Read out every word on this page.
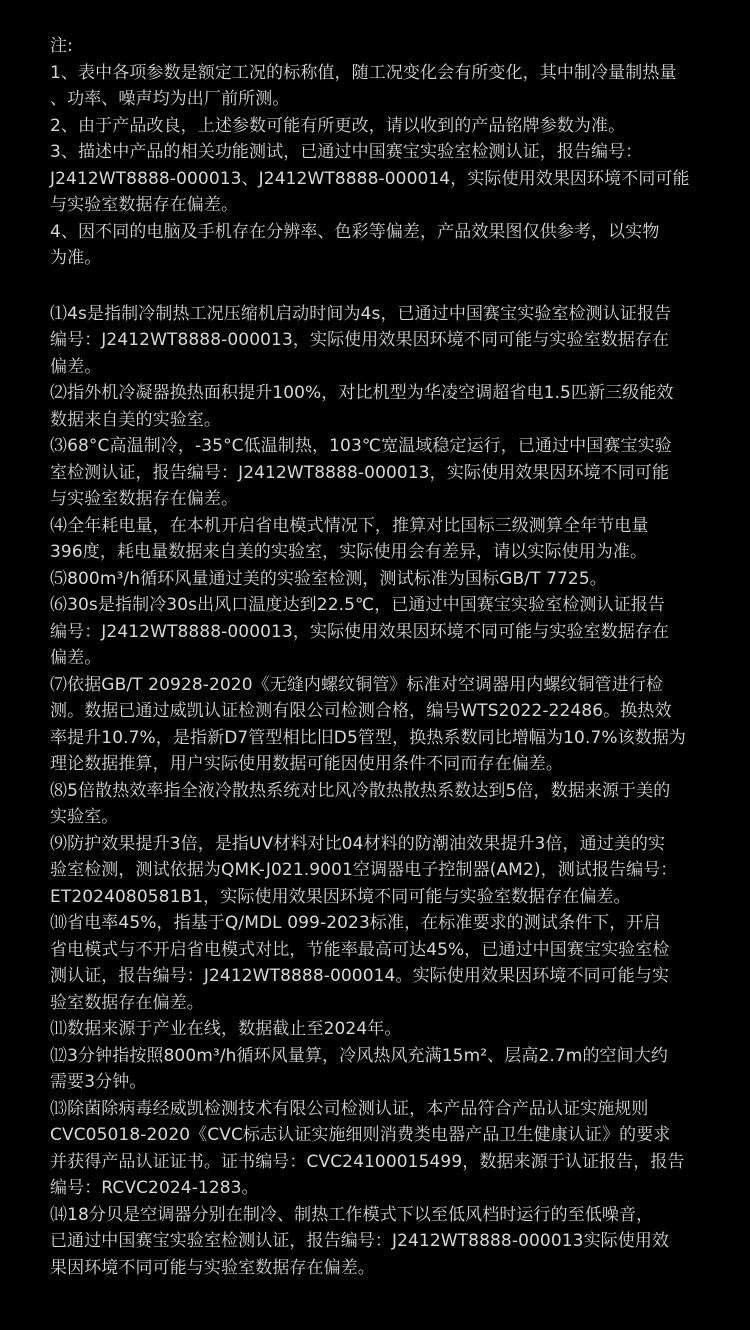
注:
1、表中各项参数是额定工况的标称值，随工况变化会有所变化，其中制冷量制热量
、功率、噪声均为出厂前所测。
2、由于产品改良，上述参数可能有所更改，请以收到的产品铭牌参数为准。
3、描述中产品的相关功能测试，已通过中国赛宝实验室检测认证，报告编号：
J2412WT8888-000013、J2412WT8888-000014，实际使用效果因环境不同可能
与实验室数据存在偏差。
4、因不同的电脑及手机存在分辨率、色彩等偏差，产品效果图仅供参考，以实物
为准。
⑴4s是指制冷制热工况压缩机启动时间为4s，已通过中国赛宝实验室检测认证报告
编号：J2412WT8888-000013，实际使用效果因环境不同可能与实验室数据存在
偏差。
⑵指外机冷凝器换热面积提升100%，对比机型为华凌空调超省电1.5匹新三级能效
数据来自美的实验室。
⑶68°C高温制冷，-35°C低温制热，103℃宽温域稳定运行，已通过中国赛宝实验
室检测认证，报告编号：J2412WT8888-000013，实际使用效果因环境不同可能
与实验室数据存在偏差。
⑷全年耗电量，在本机开启省电模式情况下，推算对比国标三级测算全年节电量
396度，耗电量数据来自美的实验室，实际使用会有差异，请以实际使用为准。
⑸800m³/h循环风量通过美的实验室检测，测试标准为国标GB/T 7725。
⑹30s是指制冷30s出风口温度达到22.5℃，已通过中国赛宝实验室检测认证报告
编号：J2412WT8888-000013，实际使用效果因环境不同可能与实验室数据存在
偏差。
⑺依据GB/T 20928-2020《无缝内螺纹铜管》标准对空调器用内螺纹铜管进行检
测。数据已通过威凯认证检测有限公司检测合格，编号WTS2022-22486。换热效
率提升10.7%，是指新D7管型相比旧D5管型，换热系数同比增幅为10.7%该数据为
理论数据推算，用户实际使用数据可能因使用条件不同而存在偏差。
⑻5倍散热效率指全液冷散热系统对比风冷散热散热系数达到5倍，数据来源于美的
实验室。
⑼防护效果提升3倍，是指UV材料对比04材料的防潮油效果提升3倍，通过美的实
验室检测，测试依据为QMK-J021.9001空调器电子控制器(AM2)，测试报告编号：
ET2024080581B1，实际使用效果因环境不同可能与实验室数据存在偏差。
⑽省电率45%，指基于Q/MDL 099-2023标准，在标准要求的测试条件下，开启
省电模式与不开启省电模式对比，节能率最高可达45%，已通过中国赛宝实验室检
测认证，报告编号：J2412WT8888-000014。实际使用效果因环境不同可能与实
验室数据存在偏差。
⑾数据来源于产业在线，数据截止至2024年。
⑿3分钟指按照800m³/h循环风量算，冷风热风充满15m²、层高2.7m的空间大约
需要3分钟。
⒀除菌除病毒经威凯检测技术有限公司检测认证，本产品符合产品认证实施规则
CVC05018-2020《CVC标志认证实施细则消费类电器产品卫生健康认证》的要求
并获得产品认证证书。证书编号：CVC24100015499，数据来源于认证报告，报告
编号：RCVC2024-1283。
⒁18分贝是空调器分别在制冷、制热工作模式下以至低风档时运行的至低噪音，
已通过中国赛宝实验室检测认证，报告编号：J2412WT8888-000013实际使用效
果因环境不同可能与实验室数据存在偏差。
